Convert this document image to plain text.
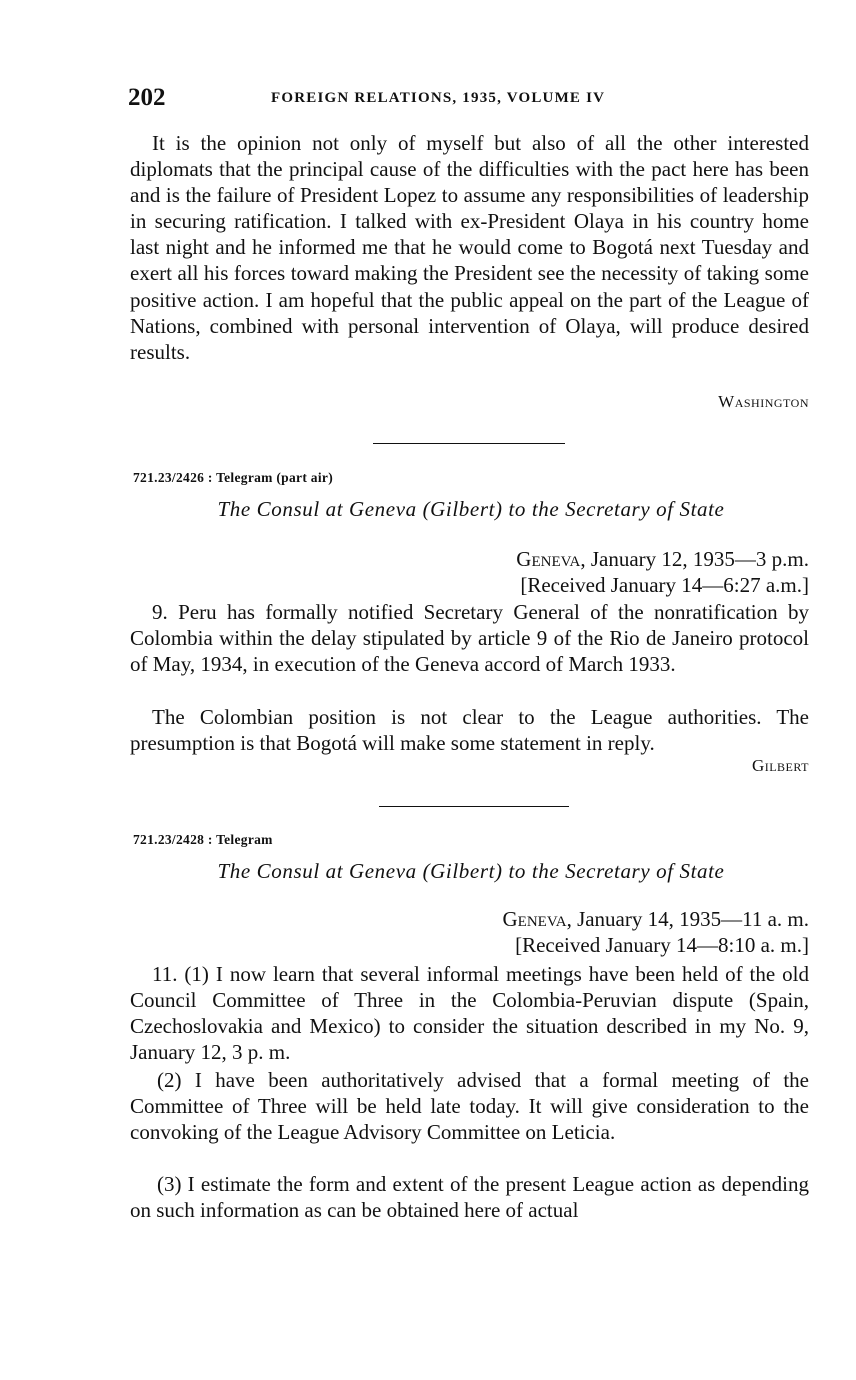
202	FOREIGN RELATIONS, 1935, VOLUME IV

It is the opinion not only of myself but also of all the other interested diplomats that the principal cause of the difficulties with the pact here has been and is the failure of President Lopez to assume any responsibilities of leadership in securing ratification. I talked with ex-President Olaya in his country home last night and he informed me that he would come to Bogotá next Tuesday and exert all his forces toward making the President see the necessity of taking some positive action. I am hopeful that the public appeal on the part of the League of Nations, combined with personal intervention of Olaya, will produce desired results.

Washington
721.23/2426 : Telegram (part air)
The Consul at Geneva (Gilbert) to the Secretary of State
Geneva, January 12, 1935—3 p.m.
[Received January 14—6:27 a.m.]

9. Peru has formally notified Secretary General of the nonratification by Colombia within the delay stipulated by article 9 of the Rio de Janeiro protocol of May, 1934, in execution of the Geneva accord of March 1933.

The Colombian position is not clear to the League authorities. The presumption is that Bogotá will make some statement in reply.

Gilbert
721.23/2428 : Telegram
The Consul at Geneva (Gilbert) to the Secretary of State
Geneva, January 14, 1935—11 a. m.
[Received January 14—8:10 a. m.]

11. (1) I now learn that several informal meetings have been held of the old Council Committee of Three in the Colombia-Peruvian dispute (Spain, Czechoslovakia and Mexico) to consider the situation described in my No. 9, January 12, 3 p. m.

(2) I have been authoritatively advised that a formal meeting of the Committee of Three will be held late today. It will give consideration to the convoking of the League Advisory Committee on Leticia.

(3) I estimate the form and extent of the present League action as depending on such information as can be obtained here of actual
